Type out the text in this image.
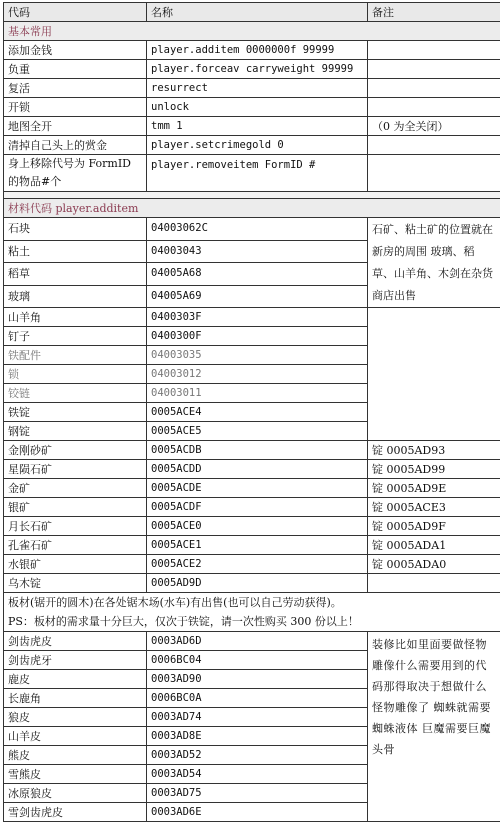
代码	名称	备注
基本常用		
添加金钱	player.additem 0000000f 99999	
负重	player.forceav carryweight 99999	
复活	resurrect	
开锁	unlock	
地图全开	tmm 1	（0 为全关闭）
清掉自己头上的赏金	player.setcrimegold 0	
身上移除代号为 FormID 的物品#个	player.removeitem FormID #	

材料代码 player.additem		
石块	04003062C	石矿、粘土矿的位置就在新房的周围 玻璃、稻草、山羊角、木剑在杂货商店出售
粘土	04003043	
稻草	04005A68	
玻璃	04005A69	
山羊角	0400303F	
钉子	0400300F	
铁配件	04003035	
锁	04003012	
铰链	04003011	
铁锭	0005ACE4	
钢锭	0005ACE5	
金刚砂矿	0005ACDB	锭 0005AD93
星陨石矿	0005ACDD	锭 0005AD99
金矿	0005ACDE	锭 0005AD9E
银矿	0005ACDF	锭 0005ACE3
月长石矿	0005ACE0	锭 0005AD9F
孔雀石矿	0005ACE1	锭 0005ADA1
水银矿	0005ACE2	锭 0005ADA0
乌木锭	0005AD9D	

板材(锯开的圆木)在各处锯木场(水车)有出售(也可以自己劳动获得)。
PS：板材的需求量十分巨大，仅次于铁锭，请一次性购买 300 份以上！		

剑齿虎皮	0003AD6D	装修比如里面要做怪物雕像什么需要用到的代码那得取决于想做什么怪物雕像了 蜘蛛就需要蜘蛛液体 巨魔需要巨魔头骨
剑齿虎牙	0006BC04	
鹿皮	0003AD90	
长鹿角	0006BC0A	
狼皮	0003AD74	
山羊皮	0003AD8E	
熊皮	0003AD52	
雪熊皮	0003AD54	
冰原狼皮	0003AD75	
雪剑齿虎皮	0003AD6E	
